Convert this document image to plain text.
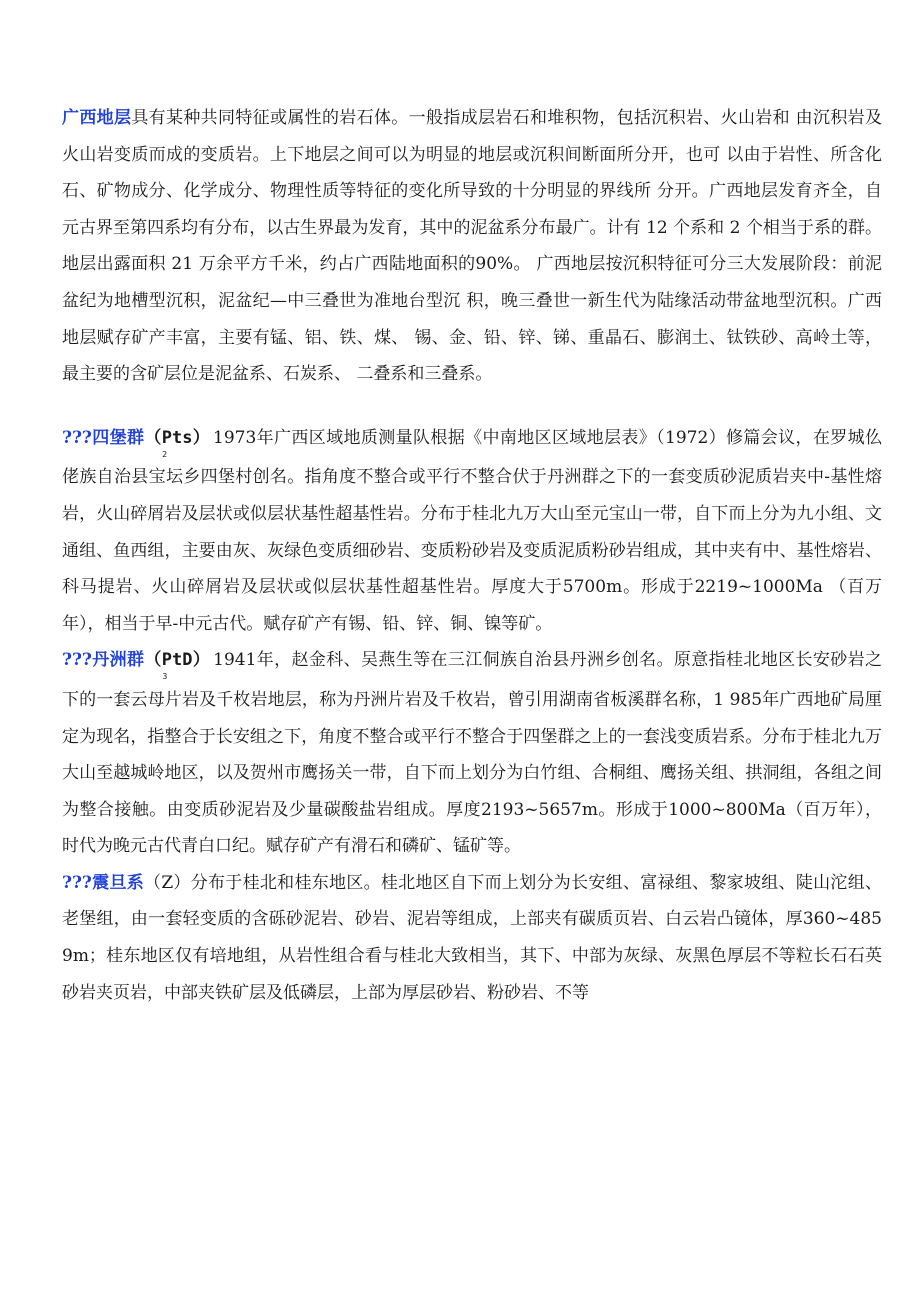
广西地层具有某种共同特征或属性的岩石体。一般指成层岩石和堆积物，包括沉积岩、火山岩和 由沉积岩及火山岩变质而成的变质岩。上下地层之间可以为明显的地层或沉积间断面所分开，也可 以由于岩性、所含化石、矿物成分、化学成分、物理性质等特征的变化所导致的十分明显的界线所 分开。广西地层发育齐全，自元古界至第四系均有分布，以古生界最为发育，其中的泥盆系分布最广。计有 12 个系和 2 个相当于系的群。地层出露面积 21 万余平方千米，约占广西陆地面积的90%。 广西地层按沉积特征可分三大发展阶段：前泥盆纪为地槽型沉积，泥盆纪—中三叠世为准地台型沉 积，晚三叠世一新生代为陆缘活动带盆地型沉积。广西地层赋存矿产丰富，主要有锰、铝、铁、煤、 锡、金、铅、锌、锑、重晶石、膨润土、钛铁砂、高岭土等，最主要的含矿层位是泥盆系、石炭系、 二叠系和三叠系。

???四堡群$(Pts)_2$ 1973年广西区域地质测量队根据《中南地区区域地层表》（1972）修篇会议，在罗城仫佬族自治县宝坛乡四堡村创名。指角度不整合或平行不整合伏于丹洲群之下的一套变质砂泥质岩夹中-基性熔岩，火山碎屑岩及层状或似层状基性超基性岩。分布于桂北九万大山至元宝山一带，自下而上分为九小组、文通组、鱼西组，主要由灰、灰绿色变质细砂岩、变质粉砂岩及变质泥质粉砂岩组成，其中夹有中、基性熔岩、科马提岩、火山碎屑岩及层状或似层状基性超基性岩。厚度大于5700m。形成于2219~1000Ma （百万年），相当于早-中元古代。赋存矿产有锡、铅、锌、铜、镍等矿。

???丹洲群$(PtD)_3$ 1941年，赵金科、吴燕生等在三江侗族自治县丹洲乡创名。原意指桂北地区长安砂岩之下的一套云母片岩及千枚岩地层，称为丹洲片岩及千枚岩，曾引用湖南省板溪群名称，1 985年广西地矿局厘定为现名，指整合于长安组之下，角度不整合或平行不整合于四堡群之上的一套浅变质岩系。分布于桂北九万大山至越城岭地区，以及贺州市鹰扬关一带，自下而上划分为白竹组、合桐组、鹰扬关组、拱洞组，各组之间为整合接触。由变质砂泥岩及少量碳酸盐岩组成。厚度2193~5657m。形成于1000~800Ma（百万年），时代为晚元古代青白口纪。赋存矿产有滑石和磷矿、锰矿等。

???震旦系（Z）分布于桂北和桂东地区。桂北地区自下而上划分为长安组、富禄组、黎家坡组、陡山沱组、老堡组，由一套轻变质的含砾砂泥岩、砂岩、泥岩等组成，上部夹有碳质页岩、白云岩凸镜体，厚360~4859m；桂东地区仅有培地组，从岩性组合看与桂北大致相当，其下、中部为灰绿、灰黑色厚层不等粒长石石英砂岩夹页岩，中部夹铁矿层及低磷层，上部为厚层砂岩、粉砂岩、不等
